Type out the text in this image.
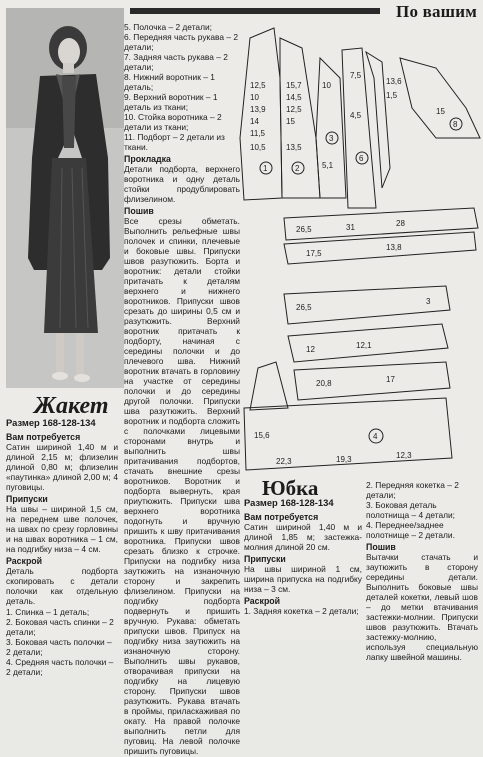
По вашим
Жакет
Размер 168-128-134
Вам потребуется

Сатин шириной 1,40 м и длиной 2,15 м; флизелин длиной 0,80 м; флизелин «паутинка» длиной 2,00 м; 4 пуговицы.

Припуски

На швы – шириной 1,5 см, на переднем шве полочек, на швах по срезу горловины и на швах воротника – 1 см, на подгибку низа – 4 см.

Раскрой

Деталь подборта скопировать с детали полочки как отдельную деталь.

1. Спинка – 1 деталь;
2. Боковая часть спинки – 2 детали;
3. Боковая часть полочки – 2 детали;
4. Средняя часть полочки – 2 детали;
5. Полочка – 2 детали;
6. Передняя часть рукава – 2 детали;
7. Задняя часть рукава – 2 детали;
8. Нижний воротник – 1 деталь;
9. Верхний воротник – 1 деталь из ткани;
10. Стойка воротника – 2 детали из ткани;
11. Подборт – 2 детали из ткани.
Прокладка

Детали подборта, верхнего воротника и одну деталь стойки продублировать флизелином.

Пошив

Все срезы обметать. Выполнить рельефные швы полочек и спинки, плечевые и боковые швы. Припуски швов разутюжить. Борта и воротник: детали стойки притачать к деталям верхнего и нижнего воротников. Припуски швов срезать до ширины 0,5 см и разутюжить. Верхний воротник притачать к подборту, начиная с середины полочки и до плечевого шва. Нижний воротник втачать в горловину на участке от середины полочки и до середины другой полочки. Припуски шва разутюжить. Верхний воротник и подборта сложить с полочками лицевыми сторонами внутрь и выполнить швы притачивания подбортов, стачать внешние срезы воротников. Воротник и подборта вывернуть, края приутюжить. Припуски шва верхнего воротника подогнуть и вручную пришить к шву притачивания воротника. Припуски швов срезать близко к строчке. Припуски на подгибку низа заутюжить на изнаночную сторону и закрепить флизелином. Припуски на подгибку подборта подвернуть и пришить вручную. Рукава: обметать припуски швов. Припуск на подгибку низа заутюжить на изнаночную сторону. Выполнить швы рукавов, отворачивая припуски на подгибку на лицевую сторону. Припуски швов разутюжить. Рукава втачать в проймы, приласкаживая по окату. На правой полочке выполнить петли для пуговиц. На левой полочке пришить пуговицы.

12,5
10
13,9
14
11,5
15,7
14,5
12,5
15
10,5	13,5
10
5,1
7,5
4,5
13,6
1,5
15
26,5	31	28
17,5
13,8
26,5
3
12	12,1
20,8	17
15,6
22,3	19,3	12,3
1	2
3
6
8
4
Юбка
Размер 168-128-134
Вам потребуется

Сатин шириной 1,40 м и длиной 1,85 м; застежка-молния длиной 20 см.

Припуски

На швы шириной 1 см, ширина припуска на подгибку низа – 3 см.

Раскрой
1. Задняя кокетка – 2 детали;
2. Передняя кокетка – 2 детали;
3. Боковая деталь полотнища – 4 детали;
4. Переднее/заднее полотнище – 2 детали.
Пошив

Вытачки стачать и заутюжить в сторону середины детали. Выполнить боковые швы деталей кокетки, левый шов – до метки втачивания застежки-молнии. Припуски швов разутюжить. Втачать застежку-молнию, используя специальную лапку швейной машины.
